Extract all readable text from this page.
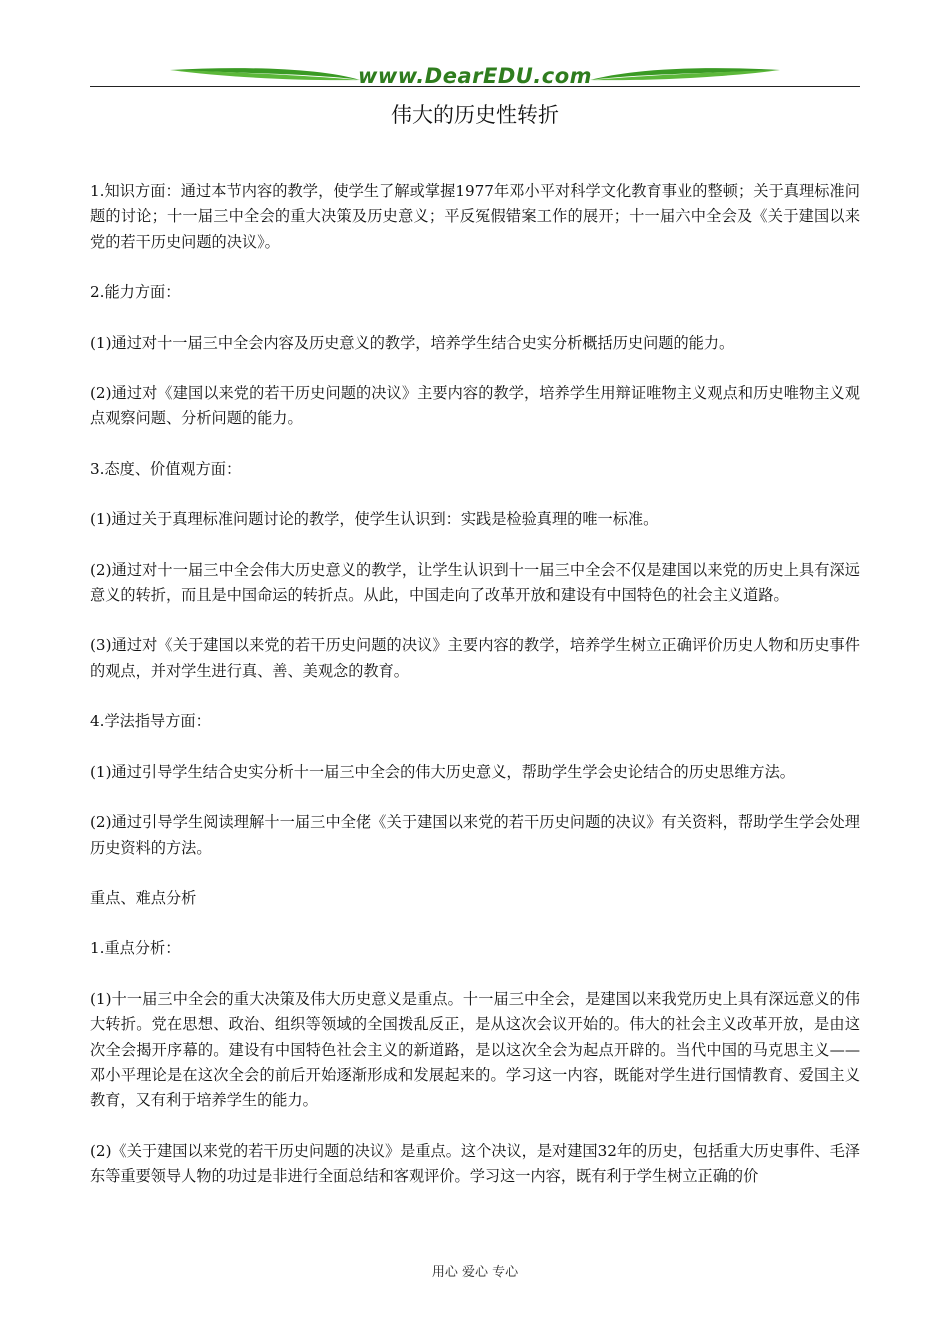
www.DearEDU.com
伟大的历史性转折

1.知识方面：通过本节内容的教学，使学生了解或掌握1977年邓小平对科学文化教育事业的整顿；关于真理标准问题的讨论；十一届三中全会的重大决策及历史意义；平反冤假错案工作的展开；十一届六中全会及《关于建国以来党的若干历史问题的决议》。

2.能力方面：

(1)通过对十一届三中全会内容及历史意义的教学，培养学生结合史实分析概括历史问题的能力。

(2)通过对《建国以来党的若干历史问题的决议》主要内容的教学，培养学生用辩证唯物主义观点和历史唯物主义观点观察问题、分析问题的能力。

3.态度、价值观方面：

(1)通过关于真理标准问题讨论的教学，使学生认识到：实践是检验真理的唯一标准。

(2)通过对十一届三中全会伟大历史意义的教学，让学生认识到十一届三中全会不仅是建国以来党的历史上具有深远意义的转折，而且是中国命运的转折点。从此，中国走向了改革开放和建设有中国特色的社会主义道路。

(3)通过对《关于建国以来党的若干历史问题的决议》主要内容的教学，培养学生树立正确评价历史人物和历史事件的观点，并对学生进行真、善、美观念的教育。

4.学法指导方面：

(1)通过引导学生结合史实分析十一届三中全会的伟大历史意义，帮助学生学会史论结合的历史思维方法。

(2)通过引导学生阅读理解十一届三中全佬《关于建国以来党的若干历史问题的决议》有关资料，帮助学生学会处理历史资料的方法。

重点、难点分析

1.重点分析：

(1)十一届三中全会的重大决策及伟大历史意义是重点。十一届三中全会，是建国以来我党历史上具有深远意义的伟大转折。党在思想、政治、组织等领域的全国拨乱反正，是从这次会议开始的。伟大的社会主义改革开放，是由这次全会揭开序幕的。建设有中国特色社会主义的新道路，是以这次全会为起点开辟的。当代中国的马克思主义——邓小平理论是在这次全会的前后开始逐渐形成和发展起来的。学习这一内容，既能对学生进行国情教育、爱国主义教育，又有利于培养学生的能力。

(2)《关于建国以来党的若干历史问题的决议》是重点。这个决议，是对建国32年的历史，包括重大历史事件、毛泽东等重要领导人物的功过是非进行全面总结和客观评价。学习这一内容，既有利于学生树立正确的价

用心 爱心 专心
